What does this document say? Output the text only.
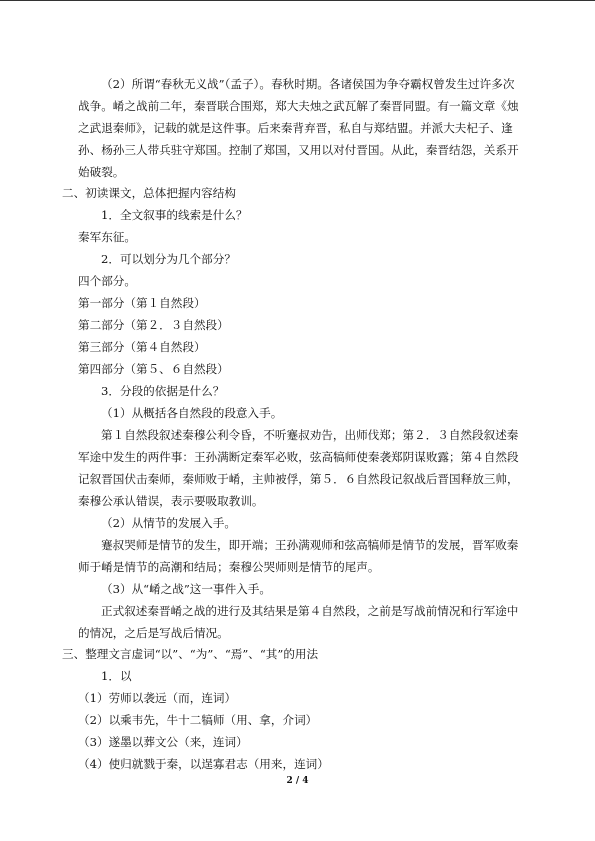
（2）所谓“春秋无义战”（孟子）。春秋时期。各诸侯国为争夺霸权曾发生过许多次战争。崤之战前二年，秦晋联合围郑，郑大夫烛之武瓦解了秦晋同盟。有一篇文章《烛之武退秦师》，记载的就是这件事。后来秦背弃晋，私自与郑结盟。并派大夫杞子、逢孙、杨孙三人带兵驻守郑国。控制了郑国，又用以对付晋国。从此，秦晋结怨，关系开始破裂。

二、初读课文，总体把握内容结构

1．全文叙事的线索是什么？

秦军东征。

2．可以划分为几个部分？

四个部分。

第一部分（第１自然段）

第二部分（第２．３自然段）

第三部分（第４自然段）

第四部分（第５、６自然段）

3．分段的依据是什么？

（1）从概括各自然段的段意入手。

第１自然段叙述秦穆公利令昏，不听蹇叔劝告，出师伐郑；第２．３自然段叙述秦军途中发生的两件事：王孙满断定秦军必败，弦高犒师使秦袭郑阴谋败露；第４自然段记叙晋国伏击秦师，秦师败于崤，主帅被俘，第５．６自然段记叙战后晋国释放三帅，秦穆公承认错误，表示要吸取教训。

（2）从情节的发展入手。

蹇叔哭师是情节的发生，即开端；王孙满观师和弦高犒师是情节的发展，晋军败秦师于崤是情节的高潮和结局；秦穆公哭师则是情节的尾声。

（3）从“崤之战”这一事件入手。

正式叙述秦晋崤之战的进行及其结果是第４自然段，之前是写战前情况和行军途中的情况，之后是写战后情况。

三、整理文言虚词“以”、“为”、“焉”、“其”的用法

1．以

（1）劳师以袭远（而，连词）

（2）以乘韦先，牛十二犒师（用、拿，介词）

（3）遂墨以葬文公（来，连词）

（4）使归就戮于秦，以逞寡君志（用来，连词）

2 / 4
